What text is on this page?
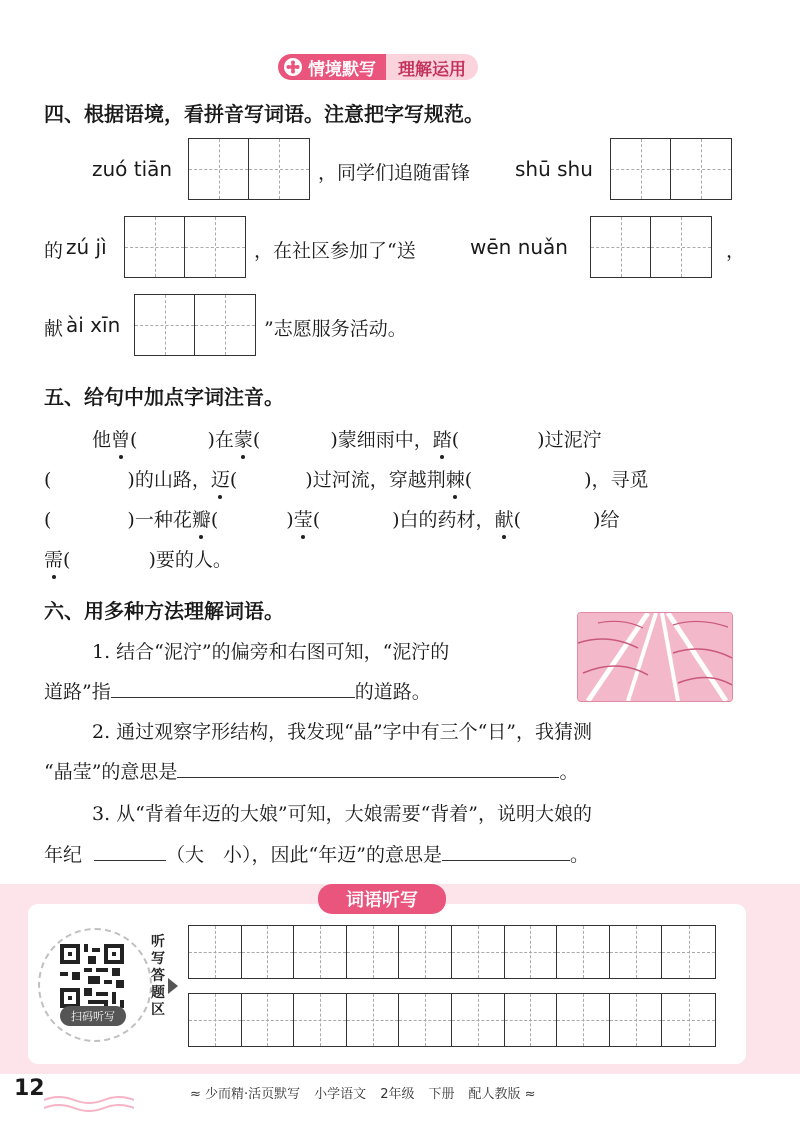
情境默写	理解运用
四、根据语境，看拼音写词语。注意把字写规范。
zuó tiān	，同学们追随雷锋 shū shu
的 zú jì	，在社区参加了“送	wēn nuǎn	，
献 ài xīn	”志愿服务活动。
五、给句中加点字词注音。
他曾(	)在蒙(	)蒙细雨中，踏(	)过泥泞
(	)的山路，迈(	)过河流，穿越荆棘(	)，寻觅
(	)一种花瓣(	)莹(	)白的药材，献(	)给
需(	)要的人。
六、用多种方法理解词语。
1. 结合“泥泞”的偏旁和右图可知，“泥泞的
道路”指	的道路。
2. 通过观察字形结构，我发现“晶”字中有三个“日”，我猜测
“晶莹”的意思是	。
3. 从“背着年迈的大娘”可知，大娘需要“背着”，说明大娘的
年纪	（大　小），因此“年迈”的意思是	。
词语听写
扫码听写
听
写
答
题
区
12	≈ 少而精·活页默写 小学语文 2年级 下册 配人教版 ≈
